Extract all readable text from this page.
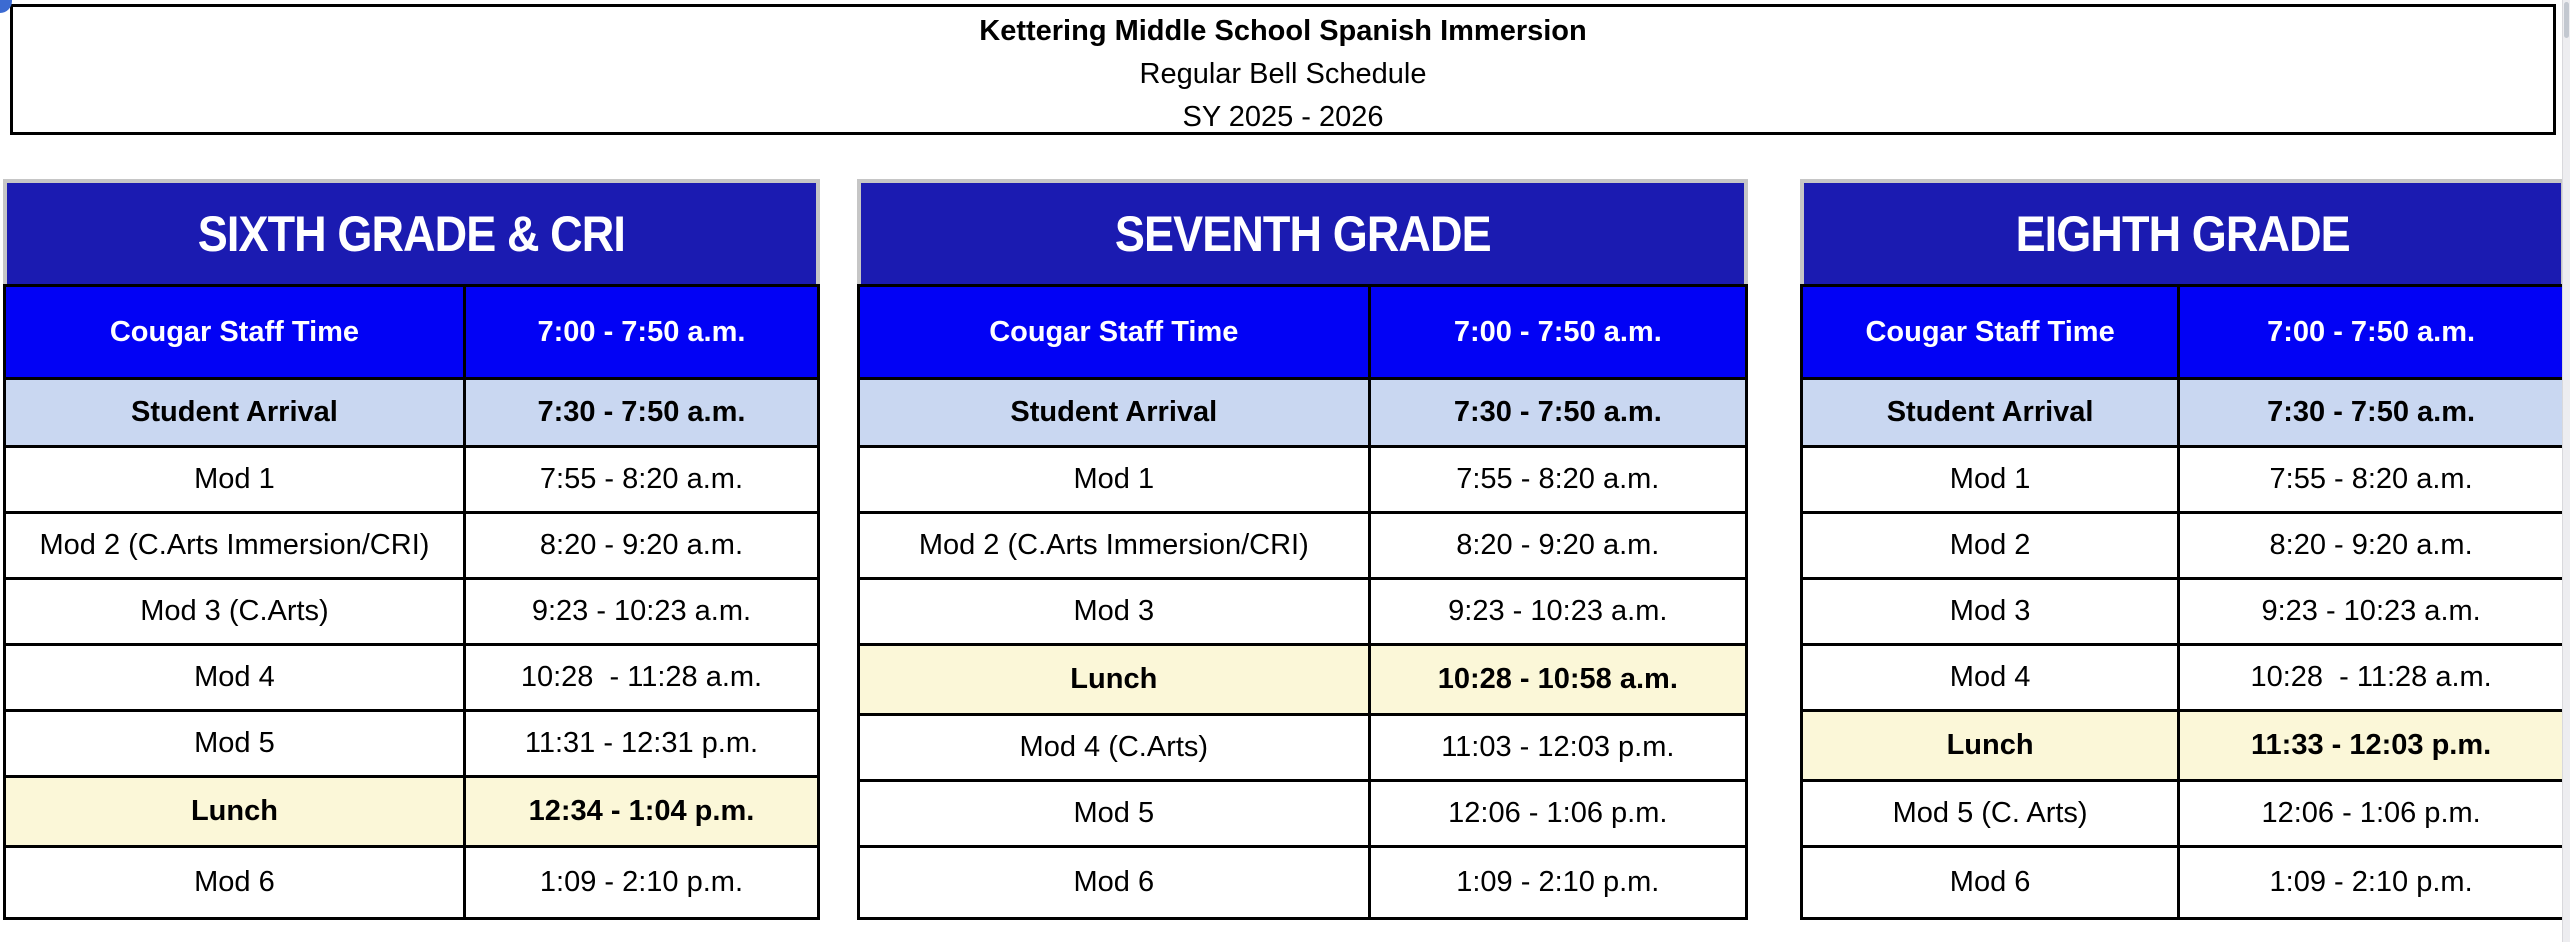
Kettering Middle School Spanish Immersion
Regular Bell Schedule
SY 2025 - 2026
SIXTH GRADE & CRI
Cougar Staff Time	7:00 - 7:50 a.m.
Student Arrival	7:30 - 7:50 a.m.
Mod 1	7:55 - 8:20 a.m.
Mod 2 (C.Arts Immersion/CRI)	8:20 - 9:20 a.m.
Mod 3 (C.Arts)	9:23 - 10:23 a.m.
Mod 4	10:28  - 11:28 a.m.
Mod 5	11:31 - 12:31 p.m.
Lunch	12:34 - 1:04 p.m.
Mod 6	1:09 - 2:10 p.m.
SEVENTH GRADE
Cougar Staff Time	7:00 - 7:50 a.m.
Student Arrival	7:30 - 7:50 a.m.
Mod 1	7:55 - 8:20 a.m.
Mod 2 (C.Arts Immersion/CRI)	8:20 - 9:20 a.m.
Mod 3	9:23 - 10:23 a.m.
Lunch	10:28 - 10:58 a.m.
Mod 4 (C.Arts)	11:03 - 12:03 p.m.
Mod 5	12:06 - 1:06 p.m.
Mod 6	1:09 - 2:10 p.m.
EIGHTH GRADE
Cougar Staff Time	7:00 - 7:50 a.m.
Student Arrival	7:30 - 7:50 a.m.
Mod 1	7:55 - 8:20 a.m.
Mod 2	8:20 - 9:20 a.m.
Mod 3	9:23 - 10:23 a.m.
Mod 4	10:28  - 11:28 a.m.
Lunch	11:33 - 12:03 p.m.
Mod 5 (C. Arts)	12:06 - 1:06 p.m.
Mod 6	1:09 - 2:10 p.m.
